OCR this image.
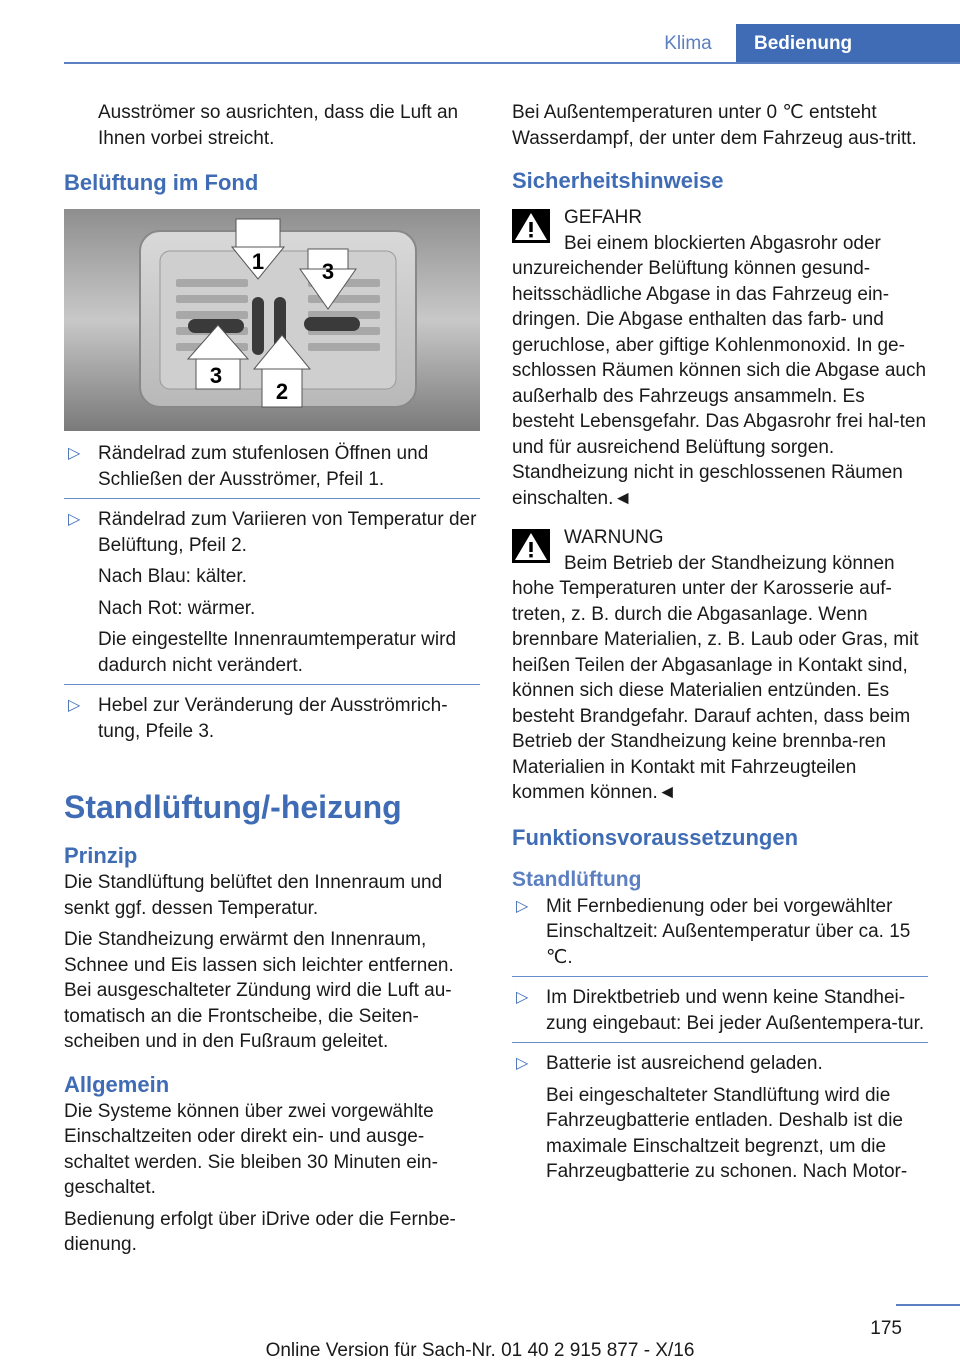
Klima	Bedienung

Ausströmer so ausrichten, dass die Luft an Ihnen vorbei streicht.

Belüftung im Fond
1	3
3
2
▷ Rändelrad zum stufenlosen Öffnen und Schließen der Ausströmer, Pfeil 1.

▷ Rändelrad zum Variieren von Temperatur der Belüftung, Pfeil 2.

Nach Blau: kälter.

Nach Rot: wärmer.

Die eingestellte Innenraumtemperatur wird dadurch nicht verändert.

▷ Hebel zur Veränderung der Ausströmrich-tung, Pfeile 3.

Standlüftung/-heizung
Prinzip

Die Standlüftung belüftet den Innenraum und senkt ggf. dessen Temperatur.

Die Standheizung erwärmt den Innenraum, Schnee und Eis lassen sich leichter entfernen. Bei ausgeschalteter Zündung wird die Luft au-tomatisch an die Frontscheibe, die Seiten-scheiben und in den Fußraum geleitet.

Allgemein

Die Systeme können über zwei vorgewählte Einschaltzeiten oder direkt ein- und ausge-schaltet werden. Sie bleiben 30 Minuten ein-geschaltet.

Bedienung erfolgt über iDrive oder die Fernbe-dienung.

Bei Außentemperaturen unter 0 ℃ entsteht Wasserdampf, der unter dem Fahrzeug aus-tritt.

Sicherheitshinweise

GEFAHR

Bei einem blockierten Abgasrohr oder unzureichender Belüftung können gesund-heitsschädliche Abgase in das Fahrzeug ein-dringen. Die Abgase enthalten das farb- und geruchlose, aber giftige Kohlenmonoxid. In ge-schlossen Räumen können sich die Abgase auch außerhalb des Fahrzeugs ansammeln. Es besteht Lebensgefahr. Das Abgasrohr frei hal-ten und für ausreichend Belüftung sorgen. Standheizung nicht in geschlossenen Räumen einschalten.◄

WARNUNG

Beim Betrieb der Standheizung können hohe Temperaturen unter der Karosserie auf-treten, z. B. durch die Abgasanlage. Wenn brennbare Materialien, z. B. Laub oder Gras, mit heißen Teilen der Abgasanlage in Kontakt sind, können sich diese Materialien entzünden. Es besteht Brandgefahr. Darauf achten, dass beim Betrieb der Standheizung keine brennba-ren Materialien in Kontakt mit Fahrzeugteilen kommen können.◄

Funktionsvoraussetzungen
Standlüftung
▷ Mit Fernbedienung oder bei vorgewählter Einschaltzeit: Außentemperatur über ca. 15 ℃.

▷ Im Direktbetrieb und wenn keine Standhei-zung eingebaut: Bei jeder Außentempera-tur.

▷ Batterie ist ausreichend geladen.

Bei eingeschalteter Standlüftung wird die Fahrzeugbatterie entladen. Deshalb ist die maximale Einschaltzeit begrenzt, um die Fahrzeugbatterie zu schonen. Nach Motor-

175
Online Version für Sach-Nr. 01 40 2 915 877 - X/16
